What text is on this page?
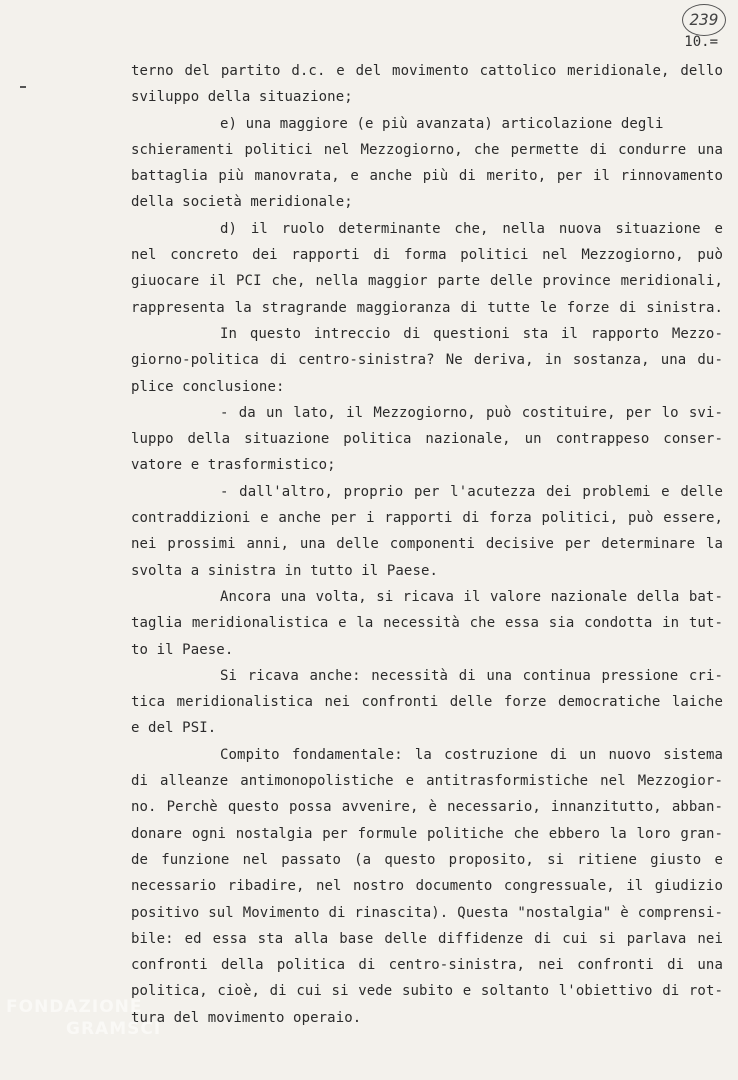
239
10.=
terno del partito d.c. e del movimento cattolico meridionale, dello
sviluppo della situazione;
e) una maggiore (e più avanzata) articolazione degli
schieramenti politici nel Mezzogiorno, che permette di condurre una
battaglia più manovrata, e anche più di merito, per il rinnovamento
della società meridionale;
d) il ruolo determinante che, nella nuova situazione e
nel concreto dei rapporti di forma politici nel Mezzogiorno, può
giuocare il PCI che, nella maggior parte delle province meridionali,
rappresenta la stragrande maggioranza di tutte le forze di sinistra.
In questo intreccio di questioni sta il rapporto Mezzo-
giorno-politica di centro-sinistra? Ne deriva, in sostanza, una du-
plice conclusione:
- da un lato, il Mezzogiorno, può costituire, per lo svi-
luppo della situazione politica nazionale, un contrappeso conser-
vatore e trasformistico;
- dall'altro, proprio per l'acutezza dei problemi e delle
contraddizioni e anche per i rapporti di forza politici, può essere,
nei prossimi anni, una delle componenti decisive per determinare la
svolta a sinistra in tutto il Paese.
Ancora una volta, si ricava il valore nazionale della bat-
taglia meridionalistica e la necessità che essa sia condotta in tut-
to il Paese.
Si ricava anche: necessità di una continua pressione cri-
tica meridionalistica nei confronti delle forze democratiche laiche
e del PSI.
Compito fondamentale: la costruzione di un nuovo sistema
di alleanze antimonopolistiche e antitrasformistiche nel Mezzogior-
no. Perchè questo possa avvenire, è necessario, innanzitutto, abban-
donare ogni nostalgia per formule politiche che ebbero la loro gran-
de funzione nel passato (a questo proposito, si ritiene giusto e
necessario ribadire, nel nostro documento congressuale, il giudizio
positivo sul Movimento di rinascita). Questa "nostalgia" è comprensi-
bile: ed essa sta alla base delle diffidenze di cui si parlava nei
confronti della politica di centro-sinistra, nei confronti di una
politica, cioè, di cui si vede subito e soltanto l'obiettivo di rot-
tura del movimento operaio.
FONDAZIONE
GRAMSCI
